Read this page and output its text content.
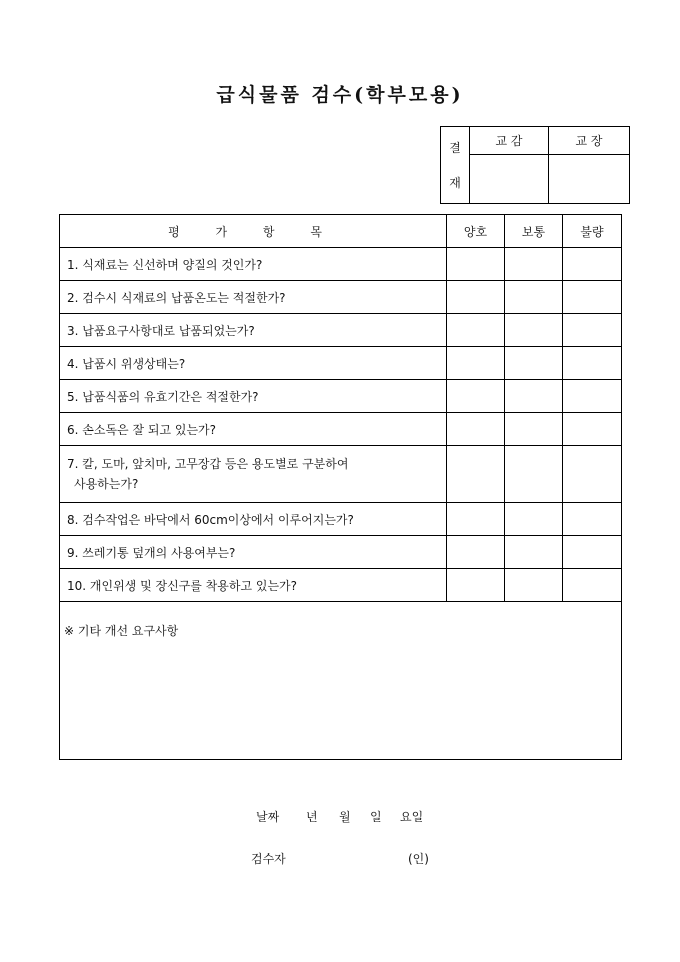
급식물품 검수(학부모용)
결
재	교 감	교 장

평 가 항 목	양호	보통	불량
1. 식재료는 신선하며 양질의 것인가?			
2. 검수시 식재료의 납품온도는 적절한가?			
3. 납품요구사항대로 납품되었는가?			
4. 납품시 위생상태는?			
5. 납품식품의 유효기간은 적절한가?			
6. 손소독은 잘 되고 있는가?			

7. 칼, 도마, 앞치마, 고무장갑 등은 용도별로 구분하여
사용하는가?			

8. 검수작업은 바닥에서 60cm이상에서 이루어지는가?			
9. 쓰레기통 덮개의 사용여부는?			
10. 개인위생 및 장신구를 착용하고 있는가?			
※ 기타 개선 요구사항			
날짜 년 월 일 요일
검수자	(인)
